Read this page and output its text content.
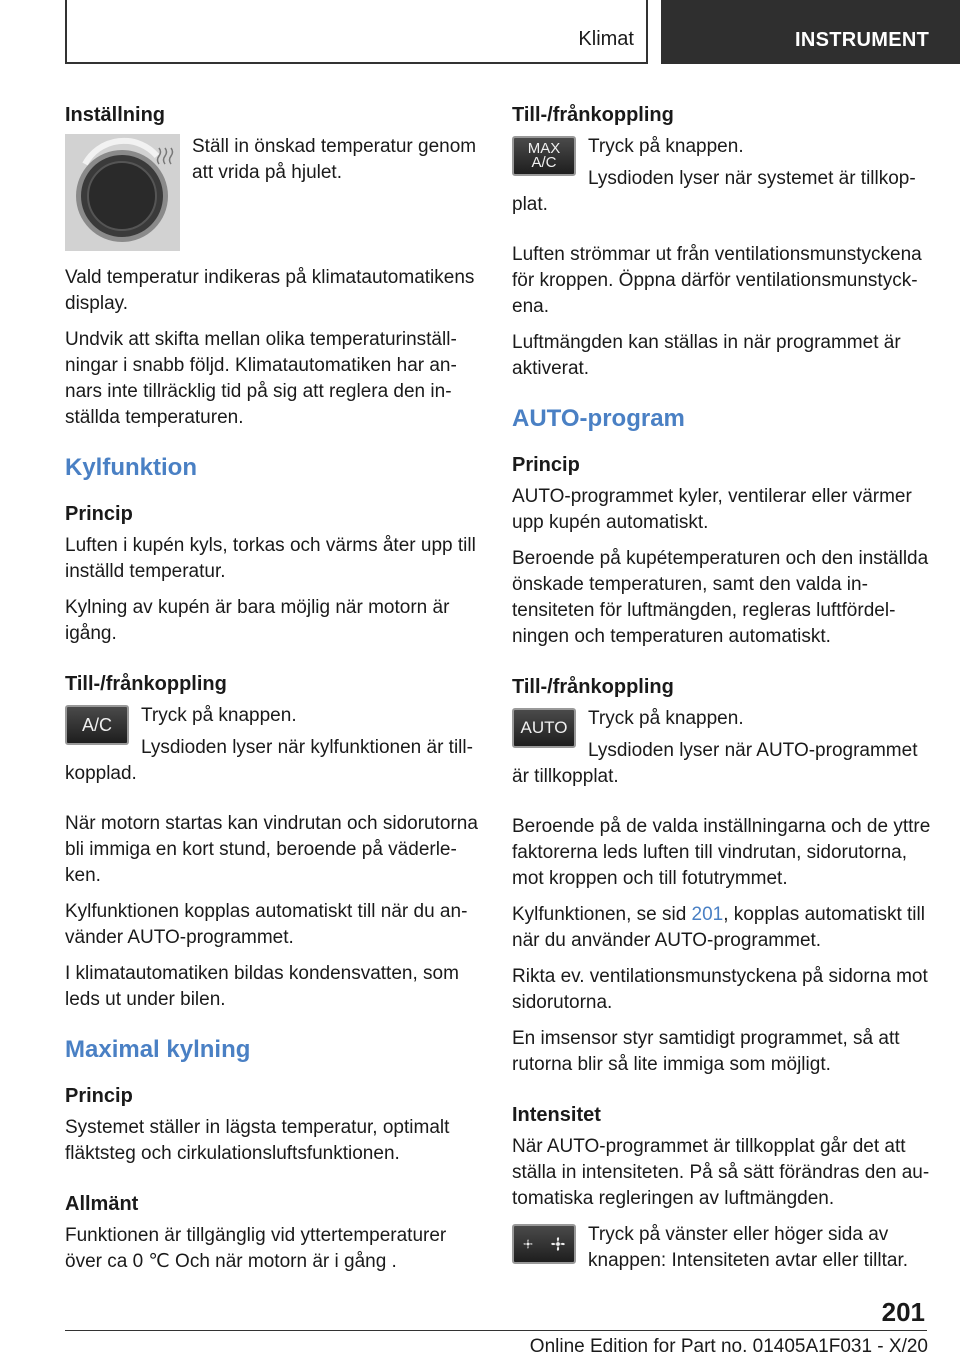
Klimat	INSTRUMENT
Inställning

Ställ in önskad temperatur genom att vrida på hjulet.

Vald temperatur indikeras på klimatautomatikens display.

Undvik att skifta mellan olika temperaturinställningar i snabb följd. Klimatautomatiken har annars inte tillräcklig tid på sig att reglera den inställda temperaturen.

Kylfunktion
Princip

Luften i kupén kyls, torkas och värms åter upp till inställd temperatur.

Kylning av kupén är bara möjlig när motorn är igång.

Till-/frånkoppling
A/C	Tryck på knappen.

Lysdioden lyser när kylfunktionen är tillkopplad.

När motorn startas kan vindrutan och sidorutorna bli immiga en kort stund, beroende på väderleken.

Kylfunktionen kopplas automatiskt till när du använder AUTO-programmet.

I klimatautomatiken bildas kondensvatten, som leds ut under bilen.

Maximal kylning
Princip

Systemet ställer in lägsta temperatur, optimalt fläktsteg och cirkulationsluftsfunktionen.

Allmänt

Funktionen är tillgänglig vid yttertemperaturer över ca 0 ℃ Och när motorn är i gång .

Till-/frånkoppling
MAX
A/C

Tryck på knappen.

Lysdioden lyser när systemet är tillkopplat.

Luften strömmar ut från ventilationsmunstyckena för kroppen. Öppna därför ventilationsmunstyckena.

Luftmängden kan ställas in när programmet är aktiverat.

AUTO-program
Princip

AUTO-programmet kyler, ventilerar eller värmer upp kupén automatiskt.

Beroende på kupétemperaturen och den inställda önskade temperaturen, samt den valda intensiteten för luftmängden, regleras luftfördelningen och temperaturen automatiskt.

Till-/frånkoppling
AUTO	Tryck på knappen.

Lysdioden lyser när AUTO-programmet är tillkopplat.

Beroende på de valda inställningarna och de yttre faktorerna leds luften till vindrutan, sidorutorna, mot kroppen och till fotutrymmet.

Kylfunktionen, se sid 201, kopplas automatiskt till när du använder AUTO-programmet.

Rikta ev. ventilationsmunstyckena på sidorna mot sidorutorna.

En imsensor styr samtidigt programmet, så att rutorna blir så lite immiga som möjligt.

Intensitet

När AUTO-programmet är tillkopplat går det att ställa in intensiteten. På så sätt förändras den automatiska regleringen av luftmängden.

Tryck på vänster eller höger sida av knappen: Intensiteten avtar eller tilltar.

201
Online Edition for Part no. 01405A1F031 - X/20
